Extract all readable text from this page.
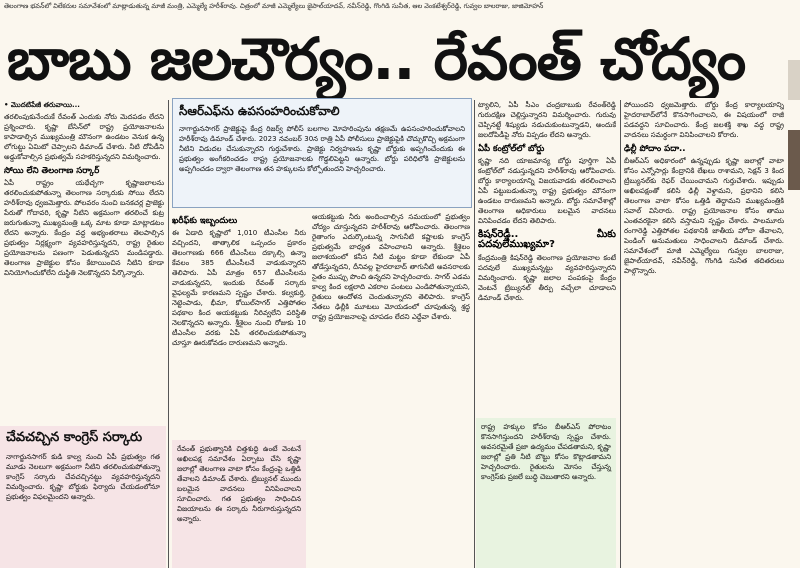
తెలంగాణ భవన్‌లో విలేకరుల సమావేశంలో మాట్లాడుతున్న మాజీ మంత్రి, ఎమ్మెల్యే హరీశ్‌రావు. చిత్రంలో మాజీ ఎమ్మెల్యేలు జైపాల్‌యాదవ్, నవీన్‌రెడ్డి, గొంగిడి సునీత, ఆల వెంకటేశ్వర్‌రెడ్డి, గువ్వల బాలరాజు, జాజిమోహన్
బాబు జలచౌర్యం.. రేవంత్‌ చోద్యం

• మొదటిపేజీ తరువాయి...

తరలింపుకునేందుకే రేవంత్‌ ఎందుకు నోరు మెదపడం లేదని ప్రశ్నించారు. కృష్ణా బేసిన్‌లో రాష్ట్ర ప్రయోజనాలను కాపాడాల్సిన ముఖ్యమంత్రి మౌనంగా ఉండటం వెనుక ఉన్న లోగుట్టు ఏమిటో చెప్పాలని డిమాండ్‌ చేశారు. నీటి దోపిడీని అడ్డుకోవాల్సిన ప్రభుత్వమే సహకరిస్తున్నదని విమర్శించారు.

సోయి లేని తెలంగాణ సర్కార్‌

ఏపీ రాష్ట్రం యథేచ్ఛగా కృష్ణాజలాలను తరలించుకుపోతున్నా తెలంగాణ సర్కారుకు సోయి లేదని హరీశ్‌రావు ధ్వజమెత్తారు. పోలవరం నుంచి బనకచర్ల ప్రాజెక్టు పేరుతో గోదావరి, కృష్ణా నీటిని అక్రమంగా తరలించే కుట్ర జరుగుతున్నా ముఖ్యమంత్రి ఒక్క మాట కూడా మాట్లాడటం లేదని అన్నారు. కేంద్రం వద్ద అభ్యంతరాలు తెలపాల్సిన ప్రభుత్వం నిర్లక్ష్యంగా వ్యవహరిస్తున్నదని, రాష్ట్ర రైతుల ప్రయోజనాలను పణంగా పెడుతున్నదని మండిపడ్డారు. తెలంగాణ ప్రాజెక్టుల కోసం కేటాయించిన నీటిని కూడా వినియోగించుకోలేని దుస్థితి నెలకొన్నదని పేర్కొన్నారు.

సీఆర్‌ఎఫ్‌ను ఉపసంహరించుకోవాలి

నాగార్జునసాగర్‌ ప్రాజెక్టుపై కేంద్ర రిజర్వ్‌ పోలీస్‌ బలగాల మోహరింపును తక్షణమే ఉపసంహరించుకోవాలని హరీశ్‌రావు డిమాండ్‌ చేశారు. 2023 నవంబర్‌ 30న రాత్రి ఏపీ పోలీసులు ప్రాజెక్టుపైకి చొచ్చుకొచ్చి అక్రమంగా నీటిని విడుదల చేసుకున్నారని గుర్తుచేశారు. ప్రాజెక్టు నిర్వహణను కృష్ణా బోర్డుకు అప్పగించేందుకు ఈ ప్రభుత్వం అంగీకరించడం రాష్ట్ర ప్రయోజనాలకు గొడ్డలిపెట్టని అన్నారు. బోర్డు పరిధిలోకి ప్రాజెక్టులను అప్పగించడం ద్వారా తెలంగాణ తన హక్కులను కోల్పోతుందని హెచ్చరించారు.

ఖరీఫ్‌కు ఇబ్బందులు

ఈ ఏడాది కృష్ణాలో 1,010 టీఎంసీల నీరు వచ్చిందని, తాత్కాలిక ఒప్పందం ప్రకారం తెలంగాణకు 666 టీఎంసీలు దక్కాల్సి ఉన్నా కేవలం 385 టీఎంసీలనే వాడుకున్నారని తెలిపారు. ఏపీ మాత్రం 657 టీఎంసీలను వాడుకున్నదని, ఇందుకు రేవంత్‌ సర్కారు వైఫల్యమే కారణమని స్పష్టం చేశారు. కల్వకుర్తి, నెట్టెంపాడు, భీమా, కోయిల్‌సాగర్‌ ఎత్తిపోతల పథకాల కింద ఆయకట్టుకు నీరివ్వలేని పరిస్థితి నెలకొన్నదని అన్నారు. శ్రీశైలం నుంచి రోజుకు 10 టీఎంసీల వరకు ఏపీ తరలించుకుపోతున్నా చూస్తూ ఊరుకోవడం దారుణమని అన్నారు.
ఆయకట్టుకు నీరు అందించాల్సిన సమయంలో ప్రభుత్వం చోద్యం చూస్తున్నదని హరీశ్‌రావు ఆరోపించారు. తెలంగాణ రైతాంగం ఎదుర్కొంటున్న సాగునీటి కష్టాలకు కాంగ్రెస్‌ ప్రభుత్వమే బాధ్యత వహించాలని అన్నారు. శ్రీశైలం జలాశయంలో కనీస నీటి మట్టం కూడా లేకుండా ఏపీ తోడేస్తున్నదని, దీనివల్ల హైదరాబాద్‌ తాగునీటి అవసరాలకు సైతం ముప్పు పొంచి ఉన్నదని హెచ్చరించారు. సాగర్‌ ఎడమ కాల్వ కింద లక్షలాది ఎకరాల పంటలు ఎండిపోతున్నాయని, రైతులు ఆందోళన చెందుతున్నారని తెలిపారు. కాంగ్రెస్‌ నేతలు ఢిల్లీకి మూటలు మోయడంలో చూపుతున్న శ్రద్ధ రాష్ట్ర ప్రయోజనాలపై చూపడం లేదని ఎద్దేవా చేశారు.

చేవచచ్చిన కాంగ్రెస్‌ సర్కారు

నాగార్జునసాగర్‌ కుడి కాల్వ నుంచి ఏపీ ప్రభుత్వం గత మూడు నెలలుగా అక్రమంగా నీటిని తరలించుకుపోతున్నా కాంగ్రెస్‌ సర్కారు చేవచచ్చినట్టు వ్యవహరిస్తున్నదని విమర్శించారు. కృష్ణా బోర్డుకు ఫిర్యాదు చేయడంలోనూ ప్రభుత్వం విఫలమైందని అన్నారు.
రేవంత్‌ ప్రభుత్వానికి చిత్తశుద్ధి ఉంటే వెంటనే అఖిలపక్ష సమావేశం ఏర్పాటు చేసి కృష్ణా జలాల్లో తెలంగాణ వాటా కోసం కేంద్రంపై ఒత్తిడి తేవాలని డిమాండ్‌ చేశారు. ట్రిబ్యునల్‌ ముందు బలమైన వాదనలు వినిపించాలని సూచించారు. గత ప్రభుత్వం సాధించిన విజయాలను ఈ సర్కారు నీరుగారుస్తున్నదని అన్నారు.
ట్యాలిని, ఏపీ సీఎం చంద్రబాబుకు రేవంత్‌రెడ్డి గురుదక్షిణ చెల్లిస్తున్నారని విమర్శించారు. గురువు చెప్పినట్టే శిష్యుడు నడుచుకుంటున్నాడని, అందుకే జలదోపిడీపై నోరు విప్పడం లేదని అన్నారు.

ఏపీ కంట్రోల్‌లో బోర్డు

కృష్ణా నది యాజమాన్య బోర్డు పూర్తిగా ఏపీ కంట్రోల్‌లో నడుస్తున్నదని హరీశ్‌రావు ఆరోపించారు. బోర్డు కార్యాలయాన్ని విజయవాడకు తరలించాలని ఏపీ పట్టుబడుతున్నా రాష్ట్ర ప్రభుత్వం మౌనంగా ఉండటం దారుణమని అన్నారు. బోర్డు సమావేశాల్లో తెలంగాణ అధికారులు బలమైన వాదనలు వినిపించడం లేదని తెలిపారు.

కిషన్‌రెడ్డీ.. మీకు పదవులేముఖ్యమా?

కేంద్రమంత్రి కిషన్‌రెడ్డి తెలంగాణ ప్రయోజనాల కంటే పదవులే ముఖ్యమన్నట్టు వ్యవహరిస్తున్నారని విమర్శించారు. కృష్ణా జలాల పంపకంపై కేంద్రం వెంటనే ట్రిబ్యునల్‌ తీర్పు వచ్చేలా చూడాలని డిమాండ్‌ చేశారు.
రాష్ట్ర హక్కుల కోసం బీఆర్‌ఎస్‌ పోరాటం కొనసాగిస్తుందని హరీశ్‌రావు స్పష్టం చేశారు. అవసరమైతే ప్రజా ఉద్యమం చేపడతామని, కృష్ణా జలాల్లో ప్రతి నీటి బొట్టు కోసం కొట్లాడతామని హెచ్చరించారు. రైతులను మోసం చేస్తున్న కాంగ్రెస్‌కు ప్రజలే బుద్ధి చెబుతారని అన్నారు.
పోయిందని ధ్వజమెత్తారు. బోర్డు కేంద్ర కార్యాలయాన్ని హైదరాబాద్‌లోనే కొనసాగించాలని, ఈ విషయంలో రాజీ పడవద్దని సూచించారు. కేంద్ర జలశక్తి శాఖ వద్ద రాష్ట్ర వాదనలు సమర్థంగా వినిపించాలని కోరారు.

ఢిల్లీ పోదాం పదా..

బీఆర్‌ఎస్‌ అధికారంలో ఉన్నప్పుడు కృష్ణా జలాల్లో వాటా కోసం ఎన్నోసార్లు కేంద్రానికి లేఖలు రాశామని, సెక్షన్‌ 3 కింద ట్రిబ్యునల్‌కు రెఫర్‌ చేయించామని గుర్తుచేశారు. ఇప్పుడు అఖిలపక్షంతో కలిసి ఢిల్లీ వెళ్దామని, ప్రధానిని కలిసి తెలంగాణ వాటా కోసం ఒత్తిడి తెద్దామని ముఖ్యమంత్రికి సవాల్‌ విసిరారు. రాష్ట్ర ప్రయోజనాల కోసం తాము ఎంతవరకైనా కలిసి వస్తామని స్పష్టం చేశారు. పాలమూరు రంగారెడ్డి ఎత్తిపోతల పథకానికి జాతీయ హోదా తేవాలని, పెండింగ్‌ అనుమతులు సాధించాలని డిమాండ్‌ చేశారు. సమావేశంలో మాజీ ఎమ్మెల్యేలు గువ్వల బాలరాజు, జైపాల్‌యాదవ్‌, నవీన్‌రెడ్డి, గొంగిడి సునీత తదితరులు పాల్గొన్నారు.
